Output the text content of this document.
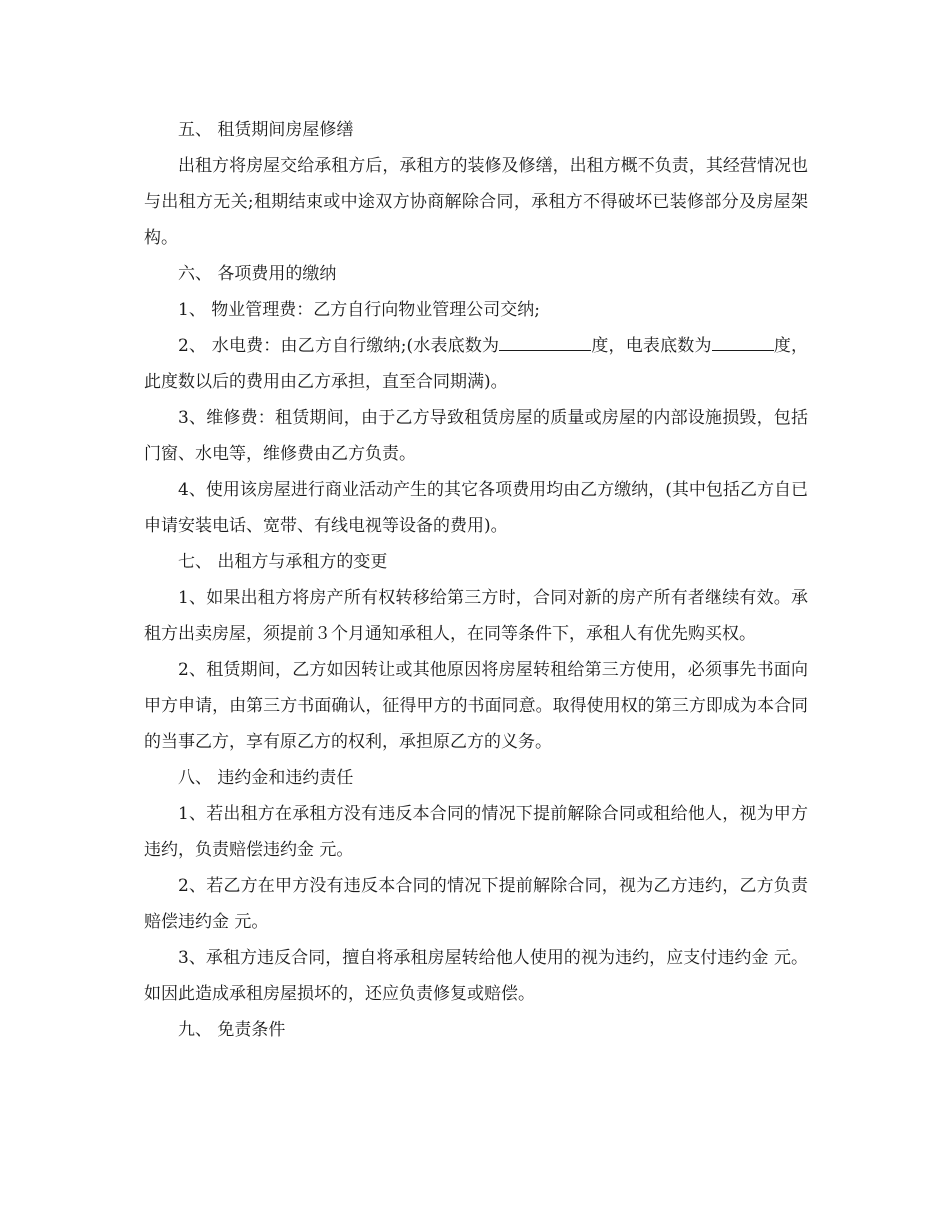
五、 租赁期间房屋修缮

出租方将房屋交给承租方后，承租方的装修及修缮，出租方概不负责，其经营情况也与出租方无关;租期结束或中途双方协商解除合同，承租方不得破坏已装修部分及房屋架构。

六、 各项费用的缴纳

1、 物业管理费：乙方自行向物业管理公司交纳;

2、 水电费：由乙方自行缴纳;(水表底数为	度，电表底数为	度，此度数以后的费用由乙方承担，直至合同期满)。

3、维修费：租赁期间，由于乙方导致租赁房屋的质量或房屋的内部设施损毁，包括门窗、水电等，维修费由乙方负责。

4、使用该房屋进行商业活动产生的其它各项费用均由乙方缴纳，(其中包括乙方自已申请安装电话、宽带、有线电视等设备的费用)。

七、 出租方与承租方的变更

1、如果出租方将房产所有权转移给第三方时，合同对新的房产所有者继续有效。承租方出卖房屋，须提前３个月通知承租人，在同等条件下，承租人有优先购买权。

2、租赁期间，乙方如因转让或其他原因将房屋转租给第三方使用，必须事先书面向甲方申请，由第三方书面确认，征得甲方的书面同意。取得使用权的第三方即成为本合同的当事乙方，享有原乙方的权利，承担原乙方的义务。

八、 违约金和违约责任

1、若出租方在承租方没有违反本合同的情况下提前解除合同或租给他人，视为甲方违约，负责赔偿违约金 元。

2、若乙方在甲方没有违反本合同的情况下提前解除合同，视为乙方违约，乙方负责赔偿违约金 元。

3、承租方违反合同，擅自将承租房屋转给他人使用的视为违约，应支付违约金 元。如因此造成承租房屋损坏的，还应负责修复或赔偿。

九、 免责条件
